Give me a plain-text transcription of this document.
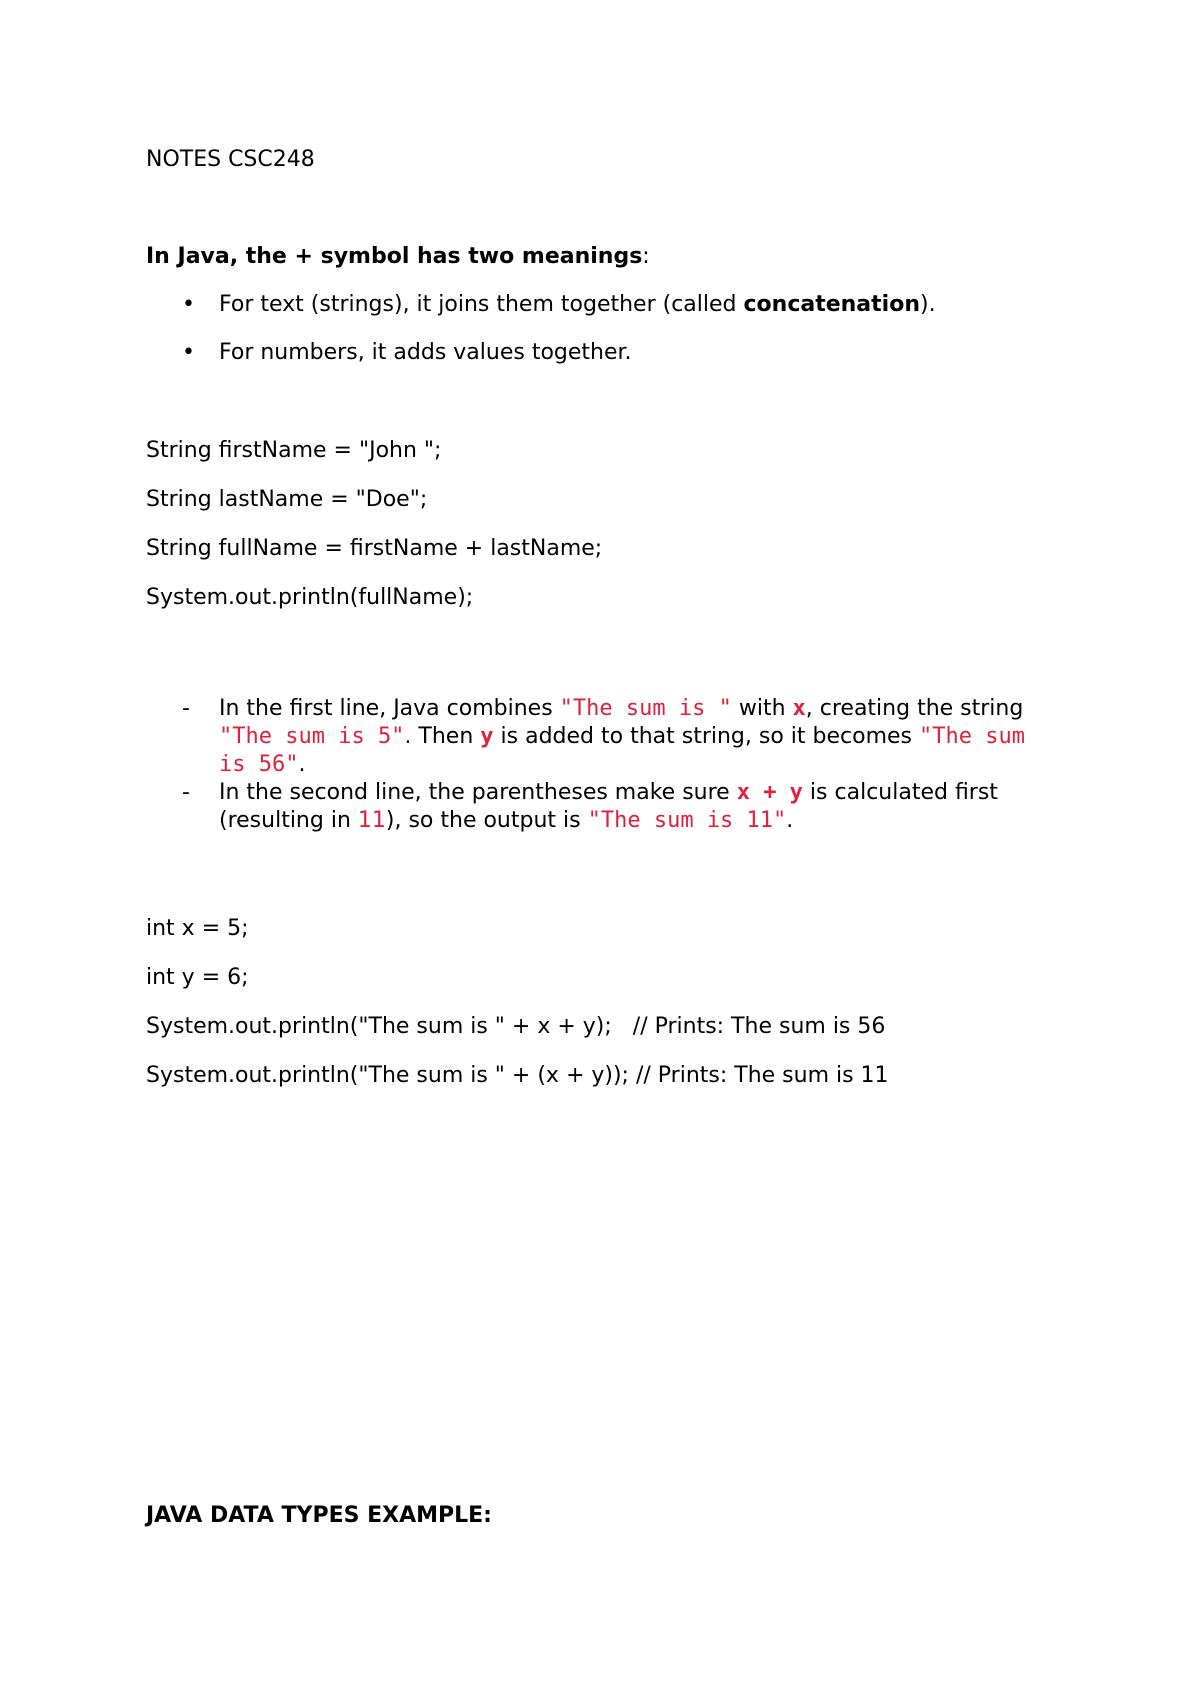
NOTES CSC248
In Java, the + symbol has two meanings:

•

For text (strings), it joins them together (called concatenation).

•

For numbers, it adds values together.

String firstName = "John ";
String lastName = "Doe";
String fullName = firstName + lastName;
System.out.println(fullName);
- In the first line, Java combines "The sum is " with x, creating the string "The sum is 5". Then y is added to that string, so it becomes "The sum is 56".
- In the second line, the parentheses make sure x + y is calculated first (resulting in 11), so the output is "The sum is 11".
int x = 5;
int y = 6;
System.out.println("The sum is " + x + y);   // Prints: The sum is 56
System.out.println("The sum is " + (x + y)); // Prints: The sum is 11
JAVA DATA TYPES EXAMPLE:
